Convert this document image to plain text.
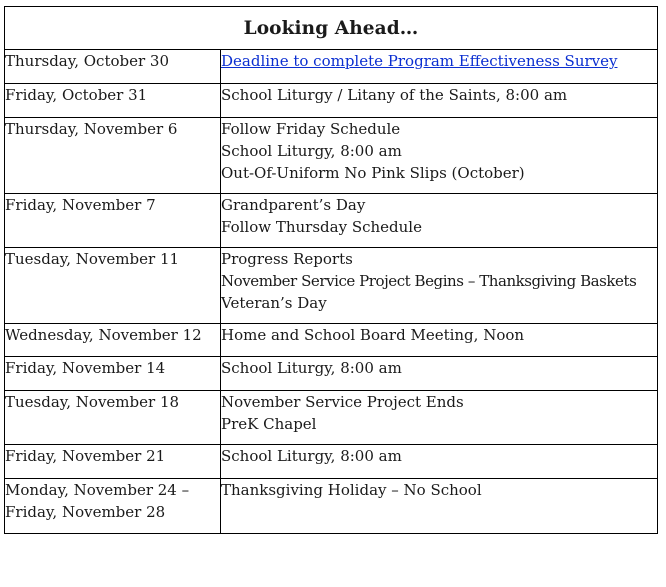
Looking Ahead…	

Thursday, October 30	Deadline to complete Program Effectiveness Survey

Friday, October 31	School Liturgy / Litany of the Saints, 8:00 am

Thursday, November 6	Follow Friday Schedule
School Liturgy, 8:00 am
Out-Of-Uniform No Pink Slips (October)

Friday, November 7	Grandparent’s Day
Follow Thursday Schedule

Tuesday, November 11	Progress Reports
November Service Project Begins – Thanksgiving Baskets
Veteran’s Day

Wednesday, November 12	Home and School Board Meeting, Noon

Friday, November 14	School Liturgy, 8:00 am

Tuesday, November 18	November Service Project Ends
PreK Chapel

Friday, November 21	School Liturgy, 8:00 am

Monday, November 24 –
Friday, November 28	Thanksgiving Holiday – No School
